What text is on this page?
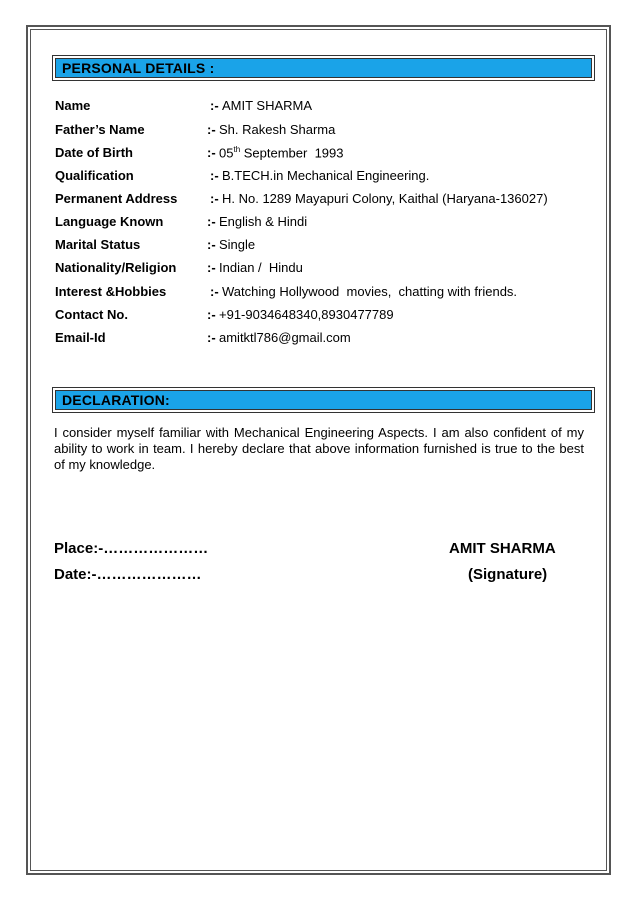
PERSONAL DETAILS :
Name	:- AMIT SHARMA
Father’s Name	:- Sh. Rakesh Sharma
Date of Birth	:- 05th September  1993
Qualification	:- B.TECH.in Mechanical Engineering.
Permanent Address	:- H. No. 1289 Mayapuri Colony, Kaithal (Haryana-136027)
Language Known	:- English & Hindi
Marital Status	:- Single
Nationality/Religion :- Indian /  Hindu
Interest &Hobbies	:- Watching Hollywood  movies,  chatting with friends.
Contact No.	:- +91-9034648340,8930477789
Email-Id	:- amitktl786@gmail.com
DECLARATION:
I consider myself familiar with Mechanical Engineering Aspects. I am also confident of my ability to work in team. I hereby declare that above information furnished is true to the best of my knowledge.
Place:-…………………
Date:-…………………
AMIT SHARMA
(Signature)
